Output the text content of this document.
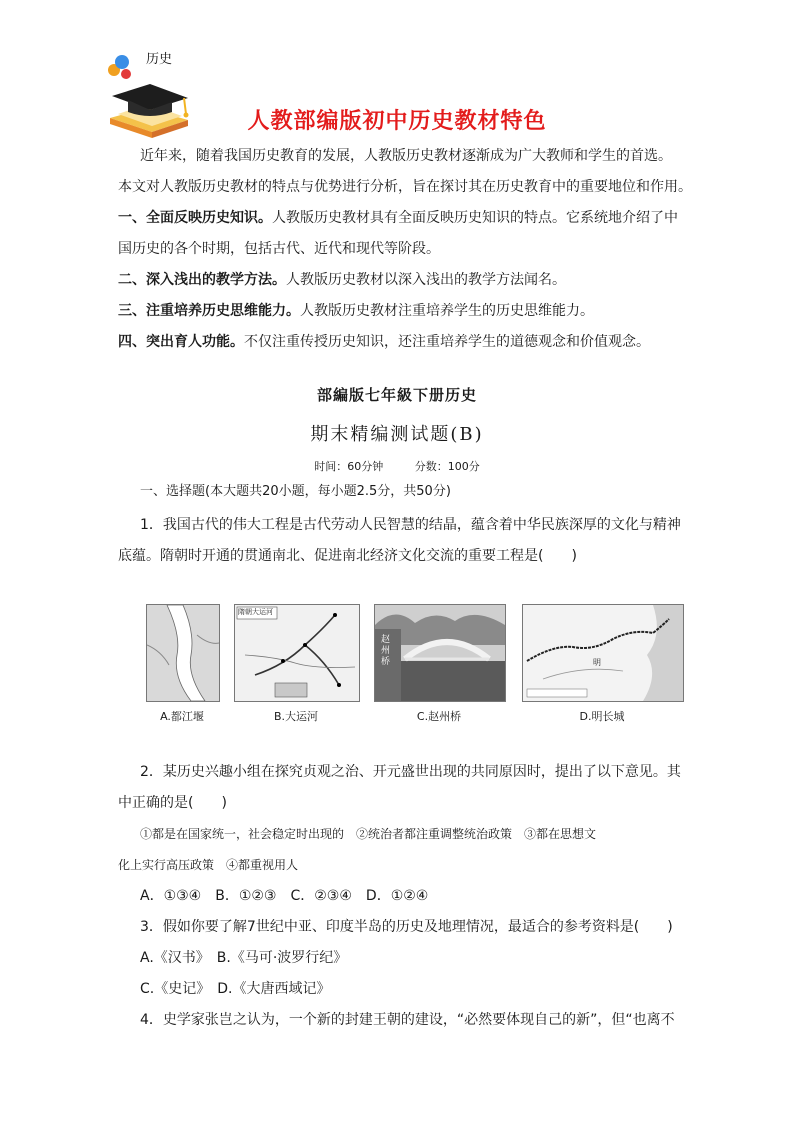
历史
人教部编版初中历史教材特色
近年来，随着我国历史教育的发展，人教版历史教材逐渐成为广大教师和学生的首选。
本文对人教版历史教材的特点与优势进行分析，旨在探讨其在历史教育中的重要地位和作用。
一、全面反映历史知识。人教版历史教材具有全面反映历史知识的特点。它系统地介绍了中
国历史的各个时期，包括古代、近代和现代等阶段。
二、深入浅出的教学方法。人教版历史教材以深入浅出的教学方法闻名。
三、注重培养历史思维能力。人教版历史教材注重培养学生的历史思维能力。
四、突出育人功能。不仅注重传授历史知识，还注重培养学生的道德观念和价值观念。
部編版七年級下册历史
期末精编测试题(B)
时间：60分钟	分数：100分
一、选择题(本大题共20小题，每小题2.5分，共50分)
1．我国古代的伟大工程是古代劳动人民智慧的结晶，蕴含着中华民族深厚的文化与精神
底蕴。隋朝时开通的贯通南北、促进南北经济文化交流的重要工程是(　　)
A.都江堰
隋朝大运河
B.大运河
赵州桥
C.赵州桥
明
D.明长城
2．某历史兴趣小组在探究贞观之治、开元盛世出现的共同原因时，提出了以下意见。其
中正确的是(　　)
①都是在国家统一，社会稳定时出现的　②统治者都注重调整统治政策　③都在思想文
化上实行高压政策　④都重视用人
A．①③④　B．①②③　C．②③④　D．①②④
3．假如你要了解7世纪中亚、印度半岛的历史及地理情况，最适合的参考资料是(　　)
A.《汉书》　B.《马可·波罗行纪》
C.《史记》　D.《大唐西域记》
4．史学家张岂之认为，一个新的封建王朝的建设，“必然要体现自己的新”，但“也离不
